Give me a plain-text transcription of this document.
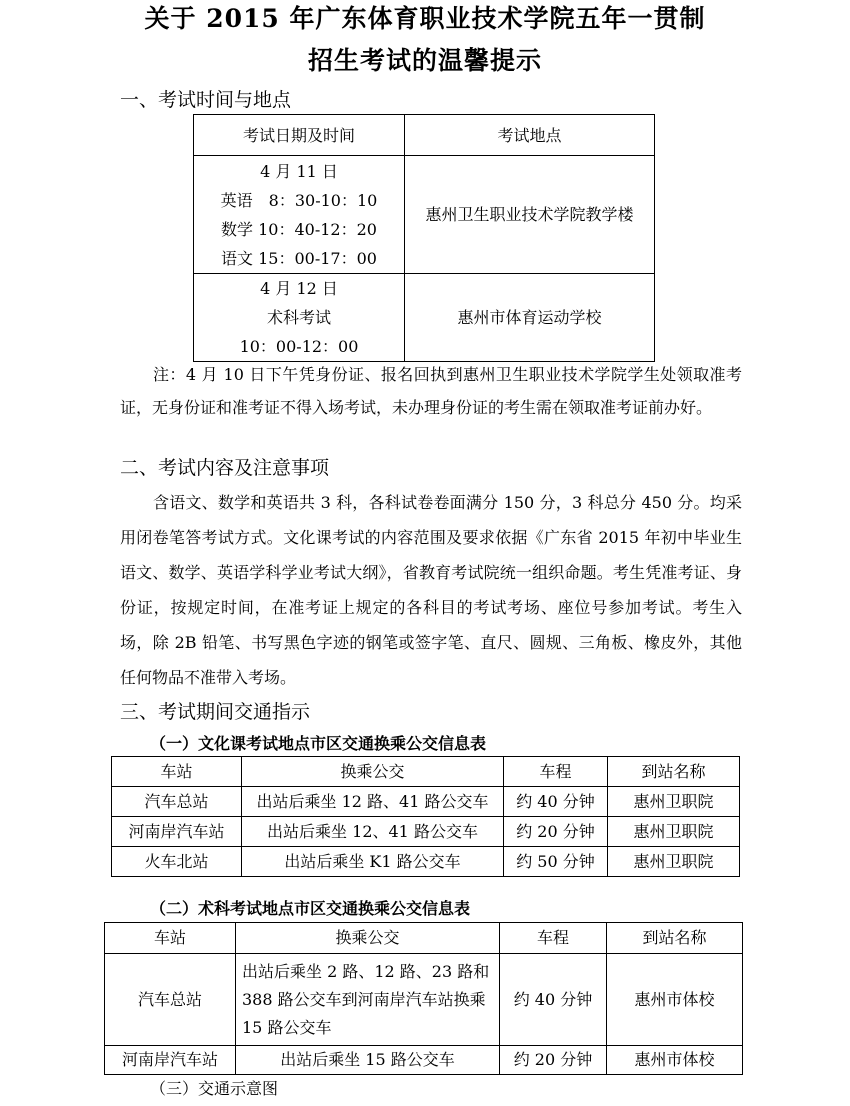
关于 2015 年广东体育职业技术学院五年一贯制
招生考试的温馨提示
一、考试时间与地点
考试日期及时间	考试地点

4 月 11 日
英语　8：30-10：10
数学 10：40-12：20
语文 15：00-17：00	惠州卫生职业技术学院教学楼

4 月 12 日
术科考试
10：00-12：00	惠州市体育运动学校
注：4 月 10 日下午凭身份证、报名回执到惠州卫生职业技术学院学生处领取准考证，无身份证和准考证不得入场考试，未办理身份证的考生需在领取准考证前办好。
二、考试内容及注意事项
含语文、数学和英语共 3 科，各科试卷卷面满分 150 分，3 科总分 450 分。均采用闭卷笔答考试方式。文化课考试的内容范围及要求依据《广东省 2015 年初中毕业生语文、数学、英语学科学业考试大纲》，省教育考试院统一组织命题。考生凭准考证、身份证，按规定时间，在准考证上规定的各科目的考试考场、座位号参加考试。考生入场，除 2B 铅笔、书写黑色字迹的钢笔或签字笔、直尺、圆规、三角板、橡皮外，其他任何物品不准带入考场。
三、考试期间交通指示
（一）文化课考试地点市区交通换乘公交信息表
车站	换乘公交	车程	到站名称
汽车总站	出站后乘坐 12 路、41 路公交车	约 40 分钟	惠州卫职院
河南岸汽车站	出站后乘坐 12、41 路公交车	约 20 分钟	惠州卫职院
火车北站	出站后乘坐 K1 路公交车	约 50 分钟	惠州卫职院
（二）术科考试地点市区交通换乘公交信息表
车站	换乘公交	车程	到站名称
汽车总站	出站后乘坐 2 路、12 路、23 路和 388 路公交车到河南岸汽车站换乘 15 路公交车	约 40 分钟	惠州市体校
河南岸汽车站	出站后乘坐 15 路公交车	约 20 分钟	惠州市体校
（三）交通示意图
